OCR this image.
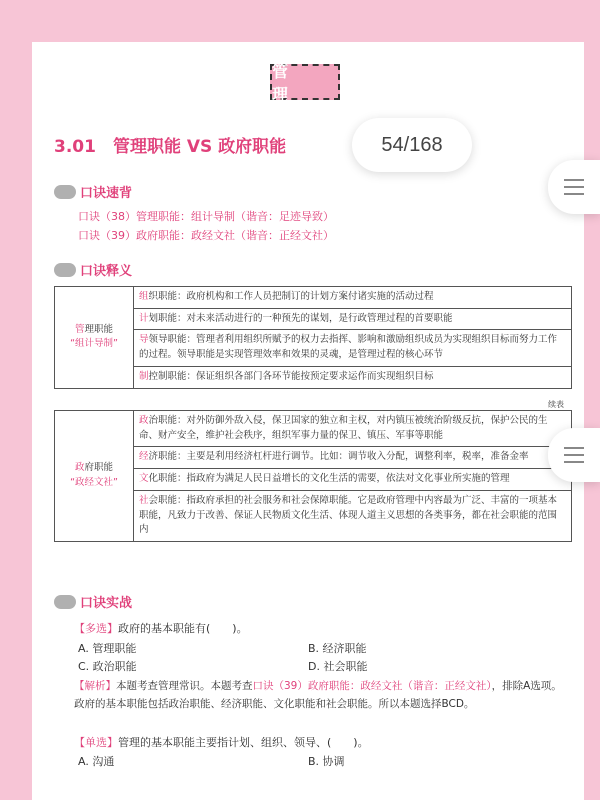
管 理
3.01　管理职能 VS 政府职能
口诀速背
口诀（38）管理职能：组计导制（谐音：足迹导致）
口诀（39）政府职能：政经文社（谐音：正经文社）
口诀释义
管理职能
“组计导制”	组织职能：政府机构和工作人员把制订的计划方案付诸实施的活动过程
计划职能：对未来活动进行的一种预先的谋划，是行政管理过程的首要职能
导领导职能：管理者利用组织所赋予的权力去指挥、影响和激励组织成员为实现组织目标而努力工作的过程。领导职能是实现管理效率和效果的灵魂，是管理过程的核心环节
制控制职能：保证组织各部门各环节能按预定要求运作而实现组织目标
续表
政府职能
“政经文社”	政治职能：对外防御外敌入侵，保卫国家的独立和主权，对内镇压被统治阶级反抗，保护公民的生命、财产安全，维护社会秩序，组织军事力量的保卫、镇压、军事等职能
经济职能：主要是利用经济杠杆进行调节。比如：调节收入分配，调整利率，税率，准备金率
文化职能：指政府为满足人民日益增长的文化生活的需要，依法对文化事业所实施的管理
社会职能：指政府承担的社会服务和社会保障职能。它是政府管理中内容最为广泛、丰富的一项基本职能，凡致力于改善、保证人民物质文化生活、体现人道主义思想的各类事务，都在社会职能的范围内
口诀实战
【多选】政府的基本职能有(　　)。
A. 管理职能	B. 经济职能
C. 政治职能	D. 社会职能
【解析】本题考查管理常识。本题考查口诀（39）政府职能：政经文社（谐音：正经文社），排除A选项。政府的基本职能包括政治职能、经济职能、文化职能和社会职能。所以本题选择BCD。
【单选】管理的基本职能主要指计划、组织、领导、(　　)。
A. 沟通	B. 协调
54/168
知乎 @一路花开
